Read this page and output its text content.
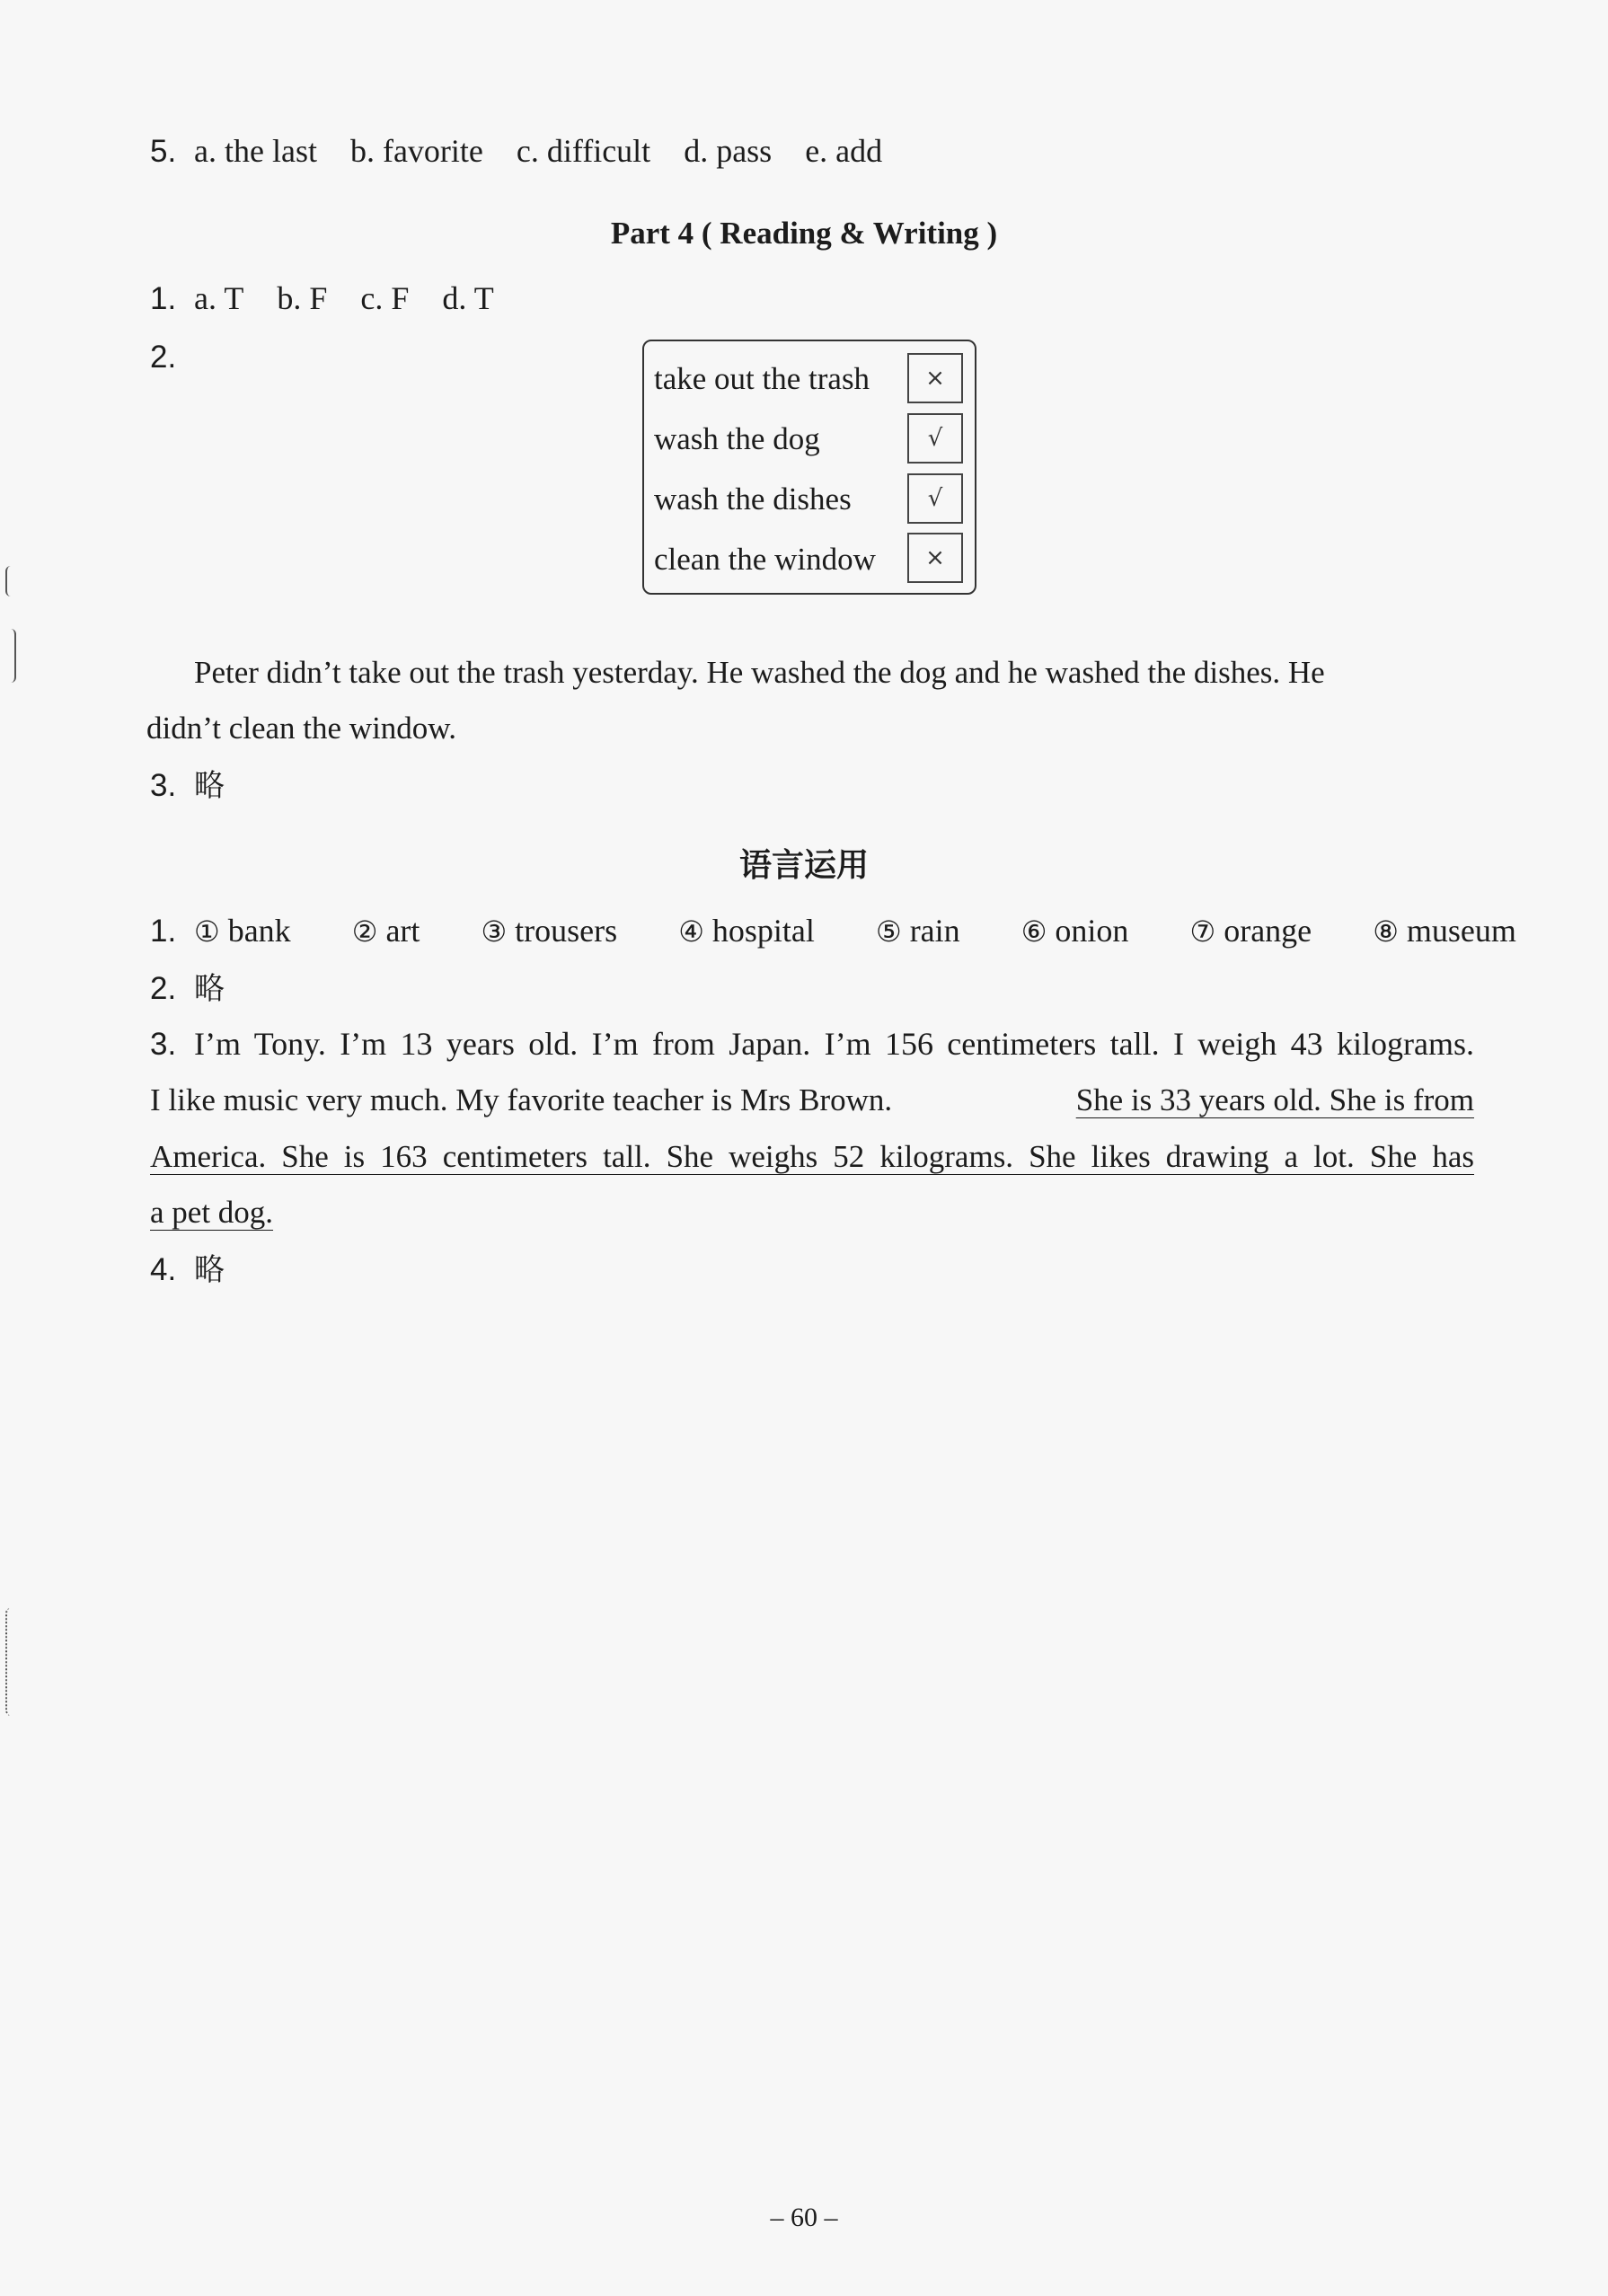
5. a. the last b. favorite c. difficult d. pass e. add
Part 4 ( Reading & Writing )
1. a. T b. F c. F d. T
2.
take out the trash	×
wash the dog	√
wash the dishes	√
clean the window	×
Peter didn’t take out the trash yesterday. He washed the dog and he washed the dishes. He
didn’t clean the window.
3. 略
语言运用
1. ① bank ② art ③ trousers ④ hospital ⑤ rain ⑥ onion ⑦ orange ⑧ museum
2. 略
3. I’m Tony. I’m 13 years old. I’m from Japan. I’m 156 centimeters tall. I weigh 43 kilograms.
I like music very much. My favorite teacher is Mrs Brown.	She is 33 years old. She is from
America. She is 163 centimeters tall. She weighs 52 kilograms. She likes drawing a lot. She has
a pet dog.
4. 略
– 60 –
